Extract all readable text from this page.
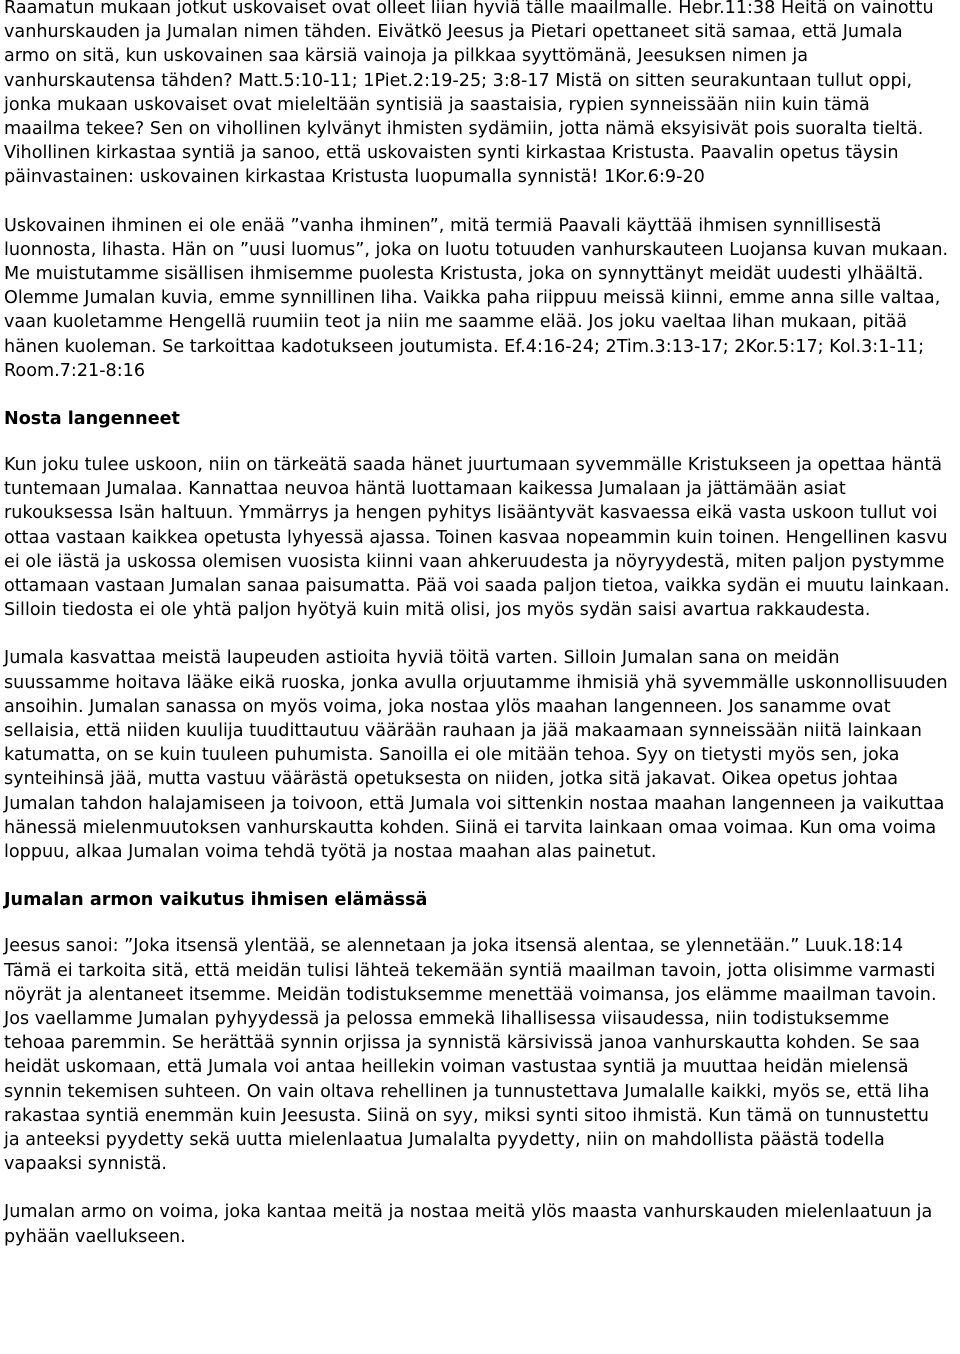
Raamatun mukaan jotkut uskovaiset ovat olleet liian hyviä tälle maailmalle. Hebr.11:38 Heitä on vainottu vanhurskauden ja Jumalan nimen tähden. Eivätkö Jeesus ja Pietari opettaneet sitä samaa, että Jumala armo on sitä, kun uskovainen saa kärsiä vainoja ja pilkkaa syyttömänä, Jeesuksen nimen ja vanhurskautensa tähden? Matt.5:10-11; 1Piet.2:19-25; 3:8-17 Mistä on sitten seurakuntaan tullut oppi, jonka mukaan uskovaiset ovat mieleltään syntisiä ja saastaisia, rypien synneissään niin kuin tämä maailma tekee? Sen on vihollinen kylvänyt ihmisten sydämiin, jotta nämä eksyisivät pois suoralta tieltä. Vihollinen kirkastaa syntiä ja sanoo, että uskovaisten synti kirkastaa Kristusta. Paavalin opetus täysin päinvastainen: uskovainen kirkastaa Kristusta luopumalla synnistä! 1Kor.6:9-20

Uskovainen ihminen ei ole enää ”vanha ihminen”, mitä termiä Paavali käyttää ihmisen synnillisestä luonnosta, lihasta. Hän on ”uusi luomus”, joka on luotu totuuden vanhurskauteen Luojansa kuvan mukaan. Me muistutamme sisällisen ihmisemme puolesta Kristusta, joka on synnyttänyt meidät uudesti ylhäältä. Olemme Jumalan kuvia, emme synnillinen liha. Vaikka paha riippuu meissä kiinni, emme anna sille valtaa, vaan kuoletamme Hengellä ruumiin teot ja niin me saamme elää. Jos joku vaeltaa lihan mukaan, pitää hänen kuoleman. Se tarkoittaa kadotukseen joutumista. Ef.4:16-24; 2Tim.3:13-17; 2Kor.5:17; Kol.3:1-11; Room.7:21-8:16

Nosta langenneet

Kun joku tulee uskoon, niin on tärkeätä saada hänet juurtumaan syvemmälle Kristukseen ja opettaa häntä tuntemaan Jumalaa. Kannattaa neuvoa häntä luottamaan kaikessa Jumalaan ja jättämään asiat rukouksessa Isän haltuun. Ymmärrys ja hengen pyhitys lisääntyvät kasvaessa eikä vasta uskoon tullut voi ottaa vastaan kaikkea opetusta lyhyessä ajassa. Toinen kasvaa nopeammin kuin toinen. Hengellinen kasvu ei ole iästä ja uskossa olemisen vuosista kiinni vaan ahkeruudesta ja nöyryydestä, miten paljon pystymme ottamaan vastaan Jumalan sanaa paisumatta. Pää voi saada paljon tietoa, vaikka sydän ei muutu lainkaan. Silloin tiedosta ei ole yhtä paljon hyötyä kuin mitä olisi, jos myös sydän saisi avartua rakkaudesta.

Jumala kasvattaa meistä laupeuden astioita hyviä töitä varten. Silloin Jumalan sana on meidän suussamme hoitava lääke eikä ruoska, jonka avulla orjuutamme ihmisiä yhä syvemmälle uskonnollisuuden ansoihin. Jumalan sanassa on myös voima, joka nostaa ylös maahan langenneen. Jos sanamme ovat sellaisia, että niiden kuulija tuudittautuu väärään rauhaan ja jää makaamaan synneissään niitä lainkaan katumatta, on se kuin tuuleen puhumista. Sanoilla ei ole mitään tehoa. Syy on tietysti myös sen, joka synteihinsä jää, mutta vastuu väärästä opetuksesta on niiden, jotka sitä jakavat. Oikea opetus johtaa Jumalan tahdon halajamiseen ja toivoon, että Jumala voi sittenkin nostaa maahan langenneen ja vaikuttaa hänessä mielenmuutoksen vanhurskautta kohden. Siinä ei tarvita lainkaan omaa voimaa. Kun oma voima loppuu, alkaa Jumalan voima tehdä työtä ja nostaa maahan alas painetut.

Jumalan armon vaikutus ihmisen elämässä

Jeesus sanoi: ”Joka itsensä ylentää, se alennetaan ja joka itsensä alentaa, se ylennetään.” Luuk.18:14 Tämä ei tarkoita sitä, että meidän tulisi lähteä tekemään syntiä maailman tavoin, jotta olisimme varmasti nöyrät ja alentaneet itsemme. Meidän todistuksemme menettää voimansa, jos elämme maailman tavoin. Jos vaellamme Jumalan pyhyydessä ja pelossa emmekä lihallisessa viisaudessa, niin todistuksemme tehoaa paremmin. Se herättää synnin orjissa ja synnistä kärsivissä janoa vanhurskautta kohden. Se saa heidät uskomaan, että Jumala voi antaa heillekin voiman vastustaa syntiä ja muuttaa heidän mielensä synnin tekemisen suhteen. On vain oltava rehellinen ja tunnustettava Jumalalle kaikki, myös se, että liha rakastaa syntiä enemmän kuin Jeesusta. Siinä on syy, miksi synti sitoo ihmistä. Kun tämä on tunnustettu ja anteeksi pyydetty sekä uutta mielenlaatua Jumalalta pyydetty, niin on mahdollista päästä todella vapaaksi synnistä.

Jumalan armo on voima, joka kantaa meitä ja nostaa meitä ylös maasta vanhurskauden mielenlaatuun ja pyhään vaellukseen.
